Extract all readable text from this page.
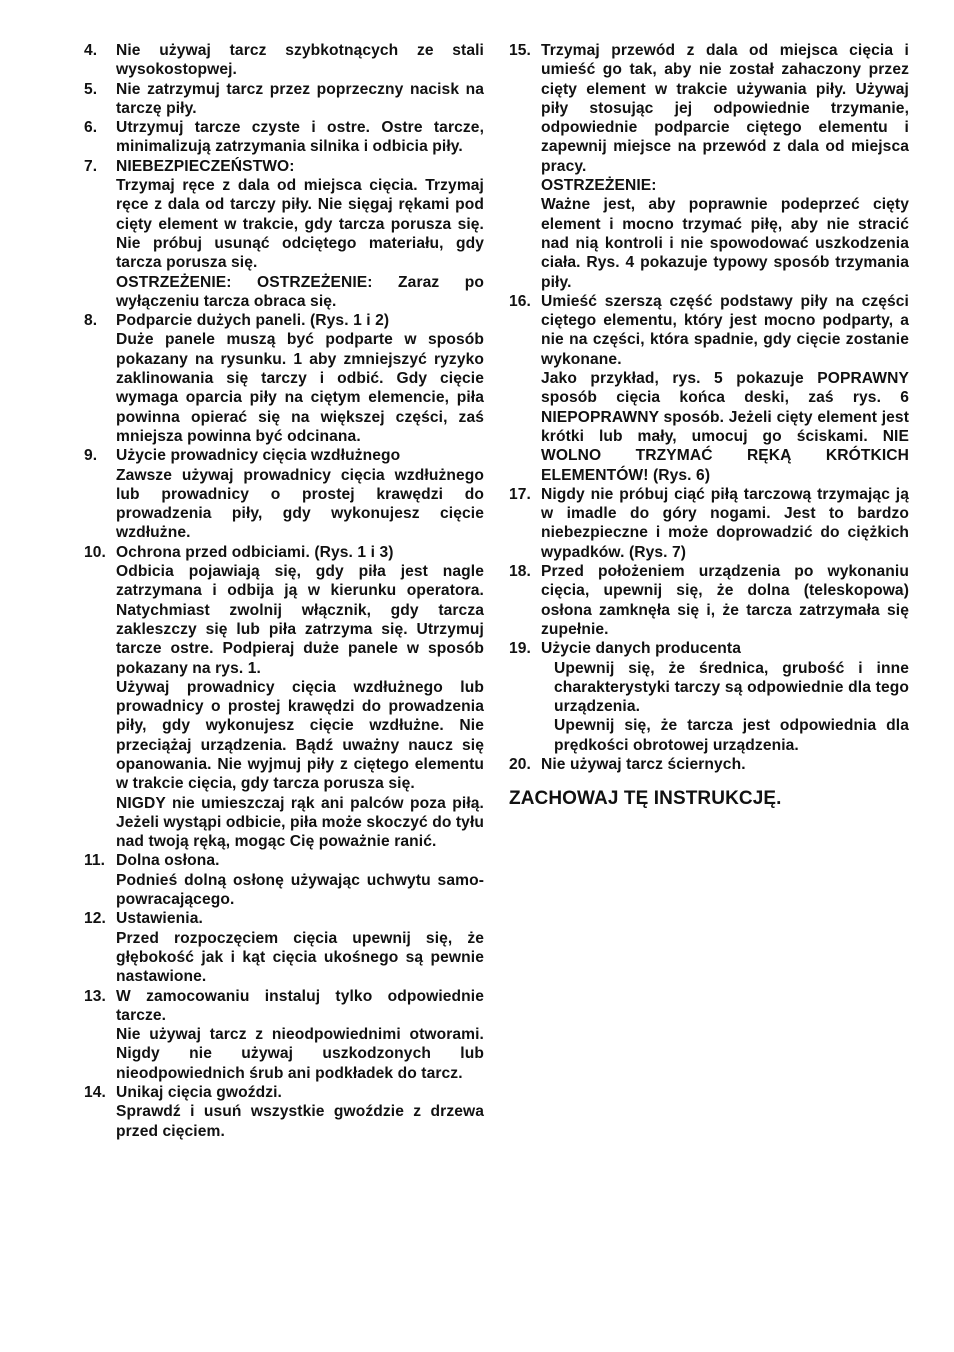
4. Nie używaj tarcz szybkotnących ze stali wysokostopwej.
5. Nie zatrzymuj tarcz przez poprzeczny nacisk na tarczę piły.
6. Utrzymuj tarcze czyste i ostre. Ostre tarcze, minimalizują zatrzymania silnika i odbicia piły.
7. NIEBEZPIECZEŃSTWO:
Trzymaj ręce z dala od miejsca cięcia. Trzymaj ręce z dala od tarczy piły. Nie sięgaj rękami pod cięty element w trakcie, gdy tarcza porusza się. Nie próbuj usunąć odciętego materiału, gdy tarcza porusza się.
OSTRZEŻENIE: OSTRZEŻENIE: Zaraz po wyłączeniu tarcza obraca się.
8. Podparcie dużych paneli. (Rys. 1 i 2)
Duże panele muszą być podparte w sposób pokazany na rysunku. 1 aby zmniejszyć ryzyko zaklinowania się tarczy i odbić. Gdy cięcie wymaga oparcia piły na ciętym elemencie, piła powinna opierać się na większej części, zaś mniejsza powinna być odcinana.
9. Użycie prowadnicy cięcia wzdłużnego
Zawsze używaj prowadnicy cięcia wzdłużnego lub prowadnicy o prostej krawędzi do prowadzenia piły, gdy wykonujesz cięcie wzdłużne.
10. Ochrona przed odbiciami. (Rys. 1 i 3)
Odbicia pojawiają się, gdy piła jest nagle zatrzymana i odbija ją w kierunku operatora. Natychmiast zwolnij włącznik, gdy tarcza zakleszczy się lub piła zatrzyma się. Utrzymuj tarcze ostre. Podpieraj duże panele w sposób pokazany na rys. 1.
Używaj prowadnicy cięcia wzdłużnego lub prowadnicy o prostej krawędzi do prowadzenia piły, gdy wykonujesz cięcie wzdłużne. Nie przeciążaj urządzenia. Bądź uważny naucz się opanowania. Nie wyjmuj piły z ciętego elementu w trakcie cięcia, gdy tarcza porusza się.
NIGDY nie umieszczaj rąk ani palców poza piłą. Jeżeli wystąpi odbicie, piła może skoczyć do tyłu nad twoją ręką, mogąc Cię poważnie ranić.
11. Dolna osłona.
Podnieś dolną osłonę używając uchwytu samo- powracającego.
12. Ustawienia.
Przed rozpoczęciem cięcia upewnij się, że głębokość jak i kąt cięcia ukośnego są pewnie nastawione.
13. W zamocowaniu instaluj tylko odpowiednie tarcze.
Nie używaj tarcz z nieodpowiednimi otworami. Nigdy nie używaj uszkodzonych lub nieodpowiednich śrub ani podkładek do tarcz.
14. Unikaj cięcia gwoździ.
Sprawdź i usuń wszystkie gwoździe z drzewa przed cięciem.
15. Trzymaj przewód z dala od miejsca cięcia i umieść go tak, aby nie został zahaczony przez cięty element w trakcie używania piły. Używaj piły stosując jej odpowiednie trzymanie, odpowiednie podparcie ciętego elementu i zapewnij miejsce na przewód z dala od miejsca pracy.
OSTRZEŻENIE:
Ważne jest, aby poprawnie podeprzeć cięty element i mocno trzymać piłę, aby nie stracić nad nią kontroli i nie spowodować uszkodzenia ciała. Rys. 4 pokazuje typowy sposób trzymania piły.
16. Umieść szerszą część podstawy piły na części ciętego elementu, który jest mocno podparty, a nie na części, która spadnie, gdy cięcie zostanie wykonane.
Jako przykład, rys. 5 pokazuje POPRAWNY sposób cięcia końca deski, zaś rys. 6 NIEPOPRAWNY sposób. Jeżeli cięty element jest krótki lub mały, umocuj go ściskami. NIE WOLNO TRZYMAĆ RĘKĄ KRÓTKICH ELEMENTÓW! (Rys. 6)
17. Nigdy nie próbuj ciąć piłą tarczową trzymając ją w imadle do góry nogami. Jest to bardzo niebezpieczne i może doprowadzić do ciężkich wypadków. (Rys. 7)
18. Przed położeniem urządzenia po wykonaniu cięcia, upewnij się, że dolna (teleskopowa) osłona zamknęła się i, że tarcza zatrzymała się zupełnie.
19. Użycie danych producenta
Upewnij się, że średnica, grubość i inne charakterystyki tarczy są odpowiednie dla tego urządzenia.
Upewnij się, że tarcza jest odpowiednia dla prędkości obrotowej urządzenia.
20. Nie używaj tarcz ściernych.
ZACHOWAJ TĘ INSTRUKCJĘ.
